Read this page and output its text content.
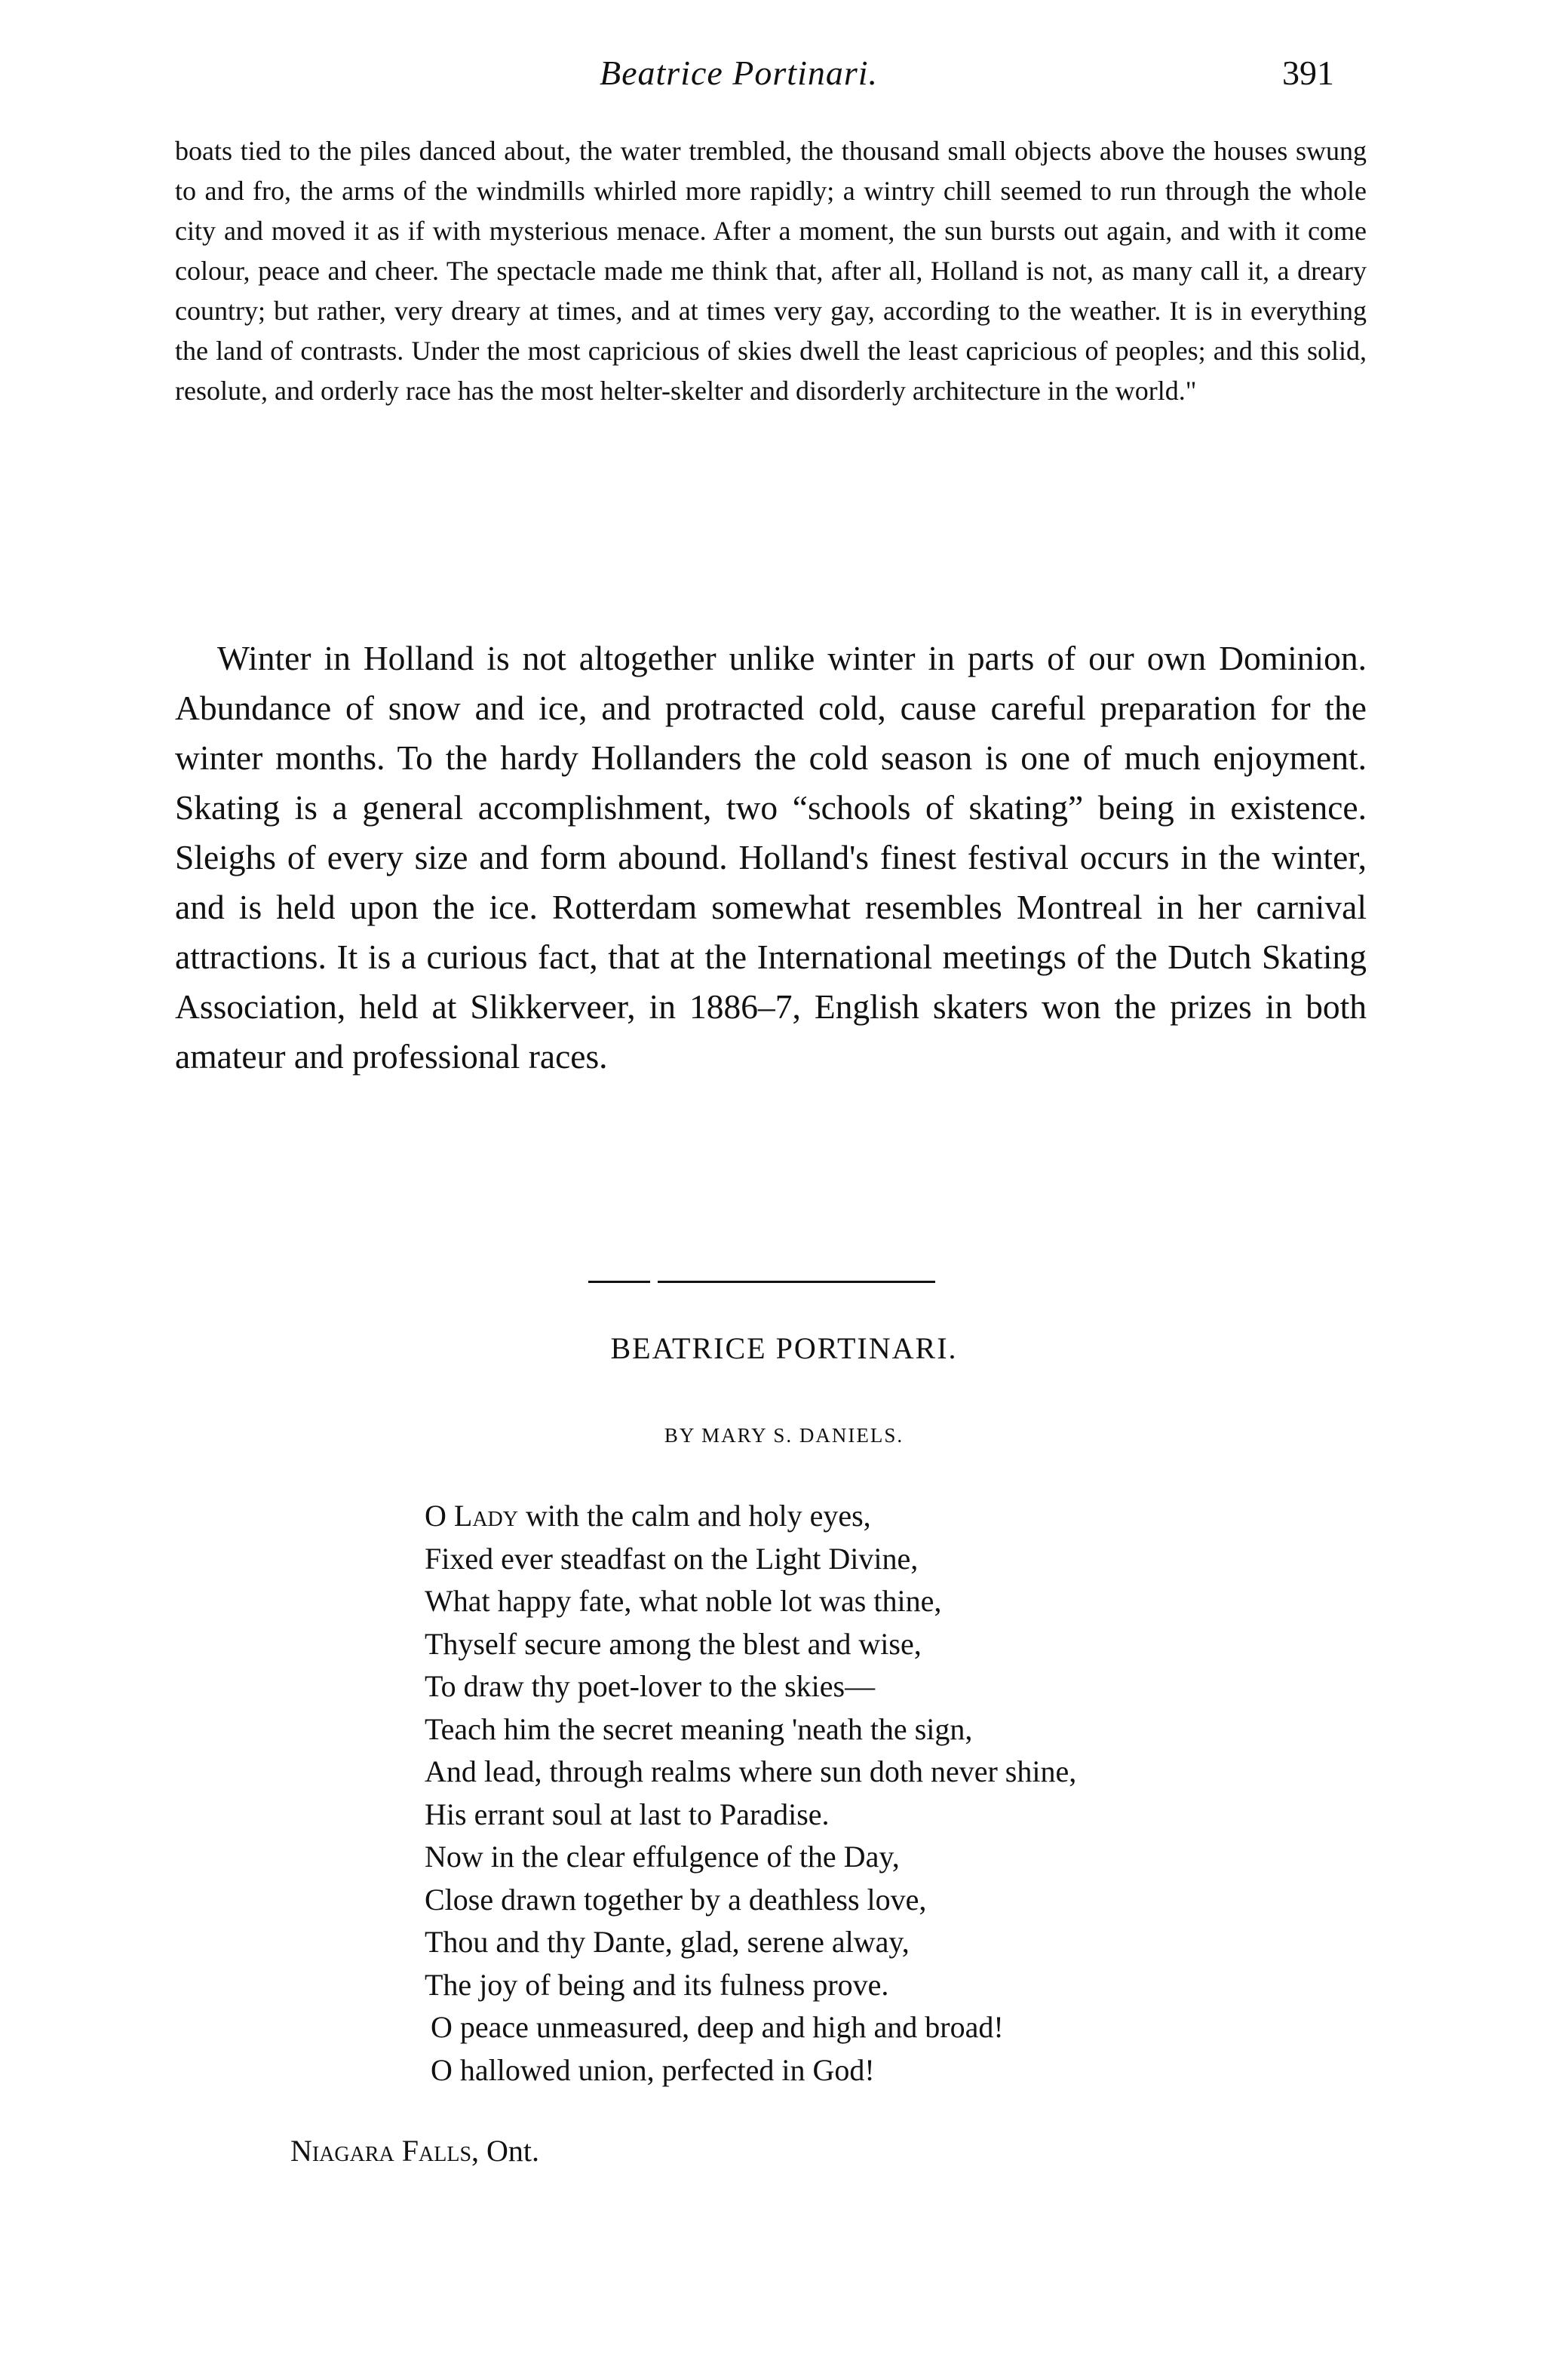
Beatrice Portinari.	391

boats tied to the piles danced about, the water trembled, the thousand small objects above the houses swung to and fro, the arms of the windmills whirled more rapidly; a wintry chill seemed to run through the whole city and moved it as if with mysterious menace. After a moment, the sun bursts out again, and with it come colour, peace and cheer. The spectacle made me think that, after all, Holland is not, as many call it, a dreary country; but rather, very dreary at times, and at times very gay, according to the weather. It is in everything the land of contrasts. Under the most capricious of skies dwell the least capricious of peoples; and this solid, resolute, and orderly race has the most helter-skelter and disorderly architecture in the world."

Winter in Holland is not altogether unlike winter in parts of our own Dominion. Abundance of snow and ice, and protracted cold, cause careful preparation for the winter months. To the hardy Hollanders the cold season is one of much enjoyment. Skating is a general accomplishment, two “schools of skating” being in existence. Sleighs of every size and form abound. Holland's finest festival occurs in the winter, and is held upon the ice. Rotterdam somewhat resembles Montreal in her carnival attractions. It is a curious fact, that at the International meetings of the Dutch Skating Association, held at Slikkerveer, in 1886–7, English skaters won the prizes in both amateur and professional races.

BEATRICE PORTINARI.
BY MARY S. DANIELS.
O Lady with the calm and holy eyes,
Fixed ever steadfast on the Light Divine,
What happy fate, what noble lot was thine,
Thyself secure among the blest and wise,
To draw thy poet-lover to the skies—
Teach him the secret meaning 'neath the sign,
And lead, through realms where sun doth never shine,
His errant soul at last to Paradise.
Now in the clear effulgence of the Day,
Close drawn together by a deathless love,
Thou and thy Dante, glad, serene alway,
The joy of being and its fulness prove.
O peace unmeasured, deep and high and broad!
O hallowed union, perfected in God!
Niagara Falls, Ont.
